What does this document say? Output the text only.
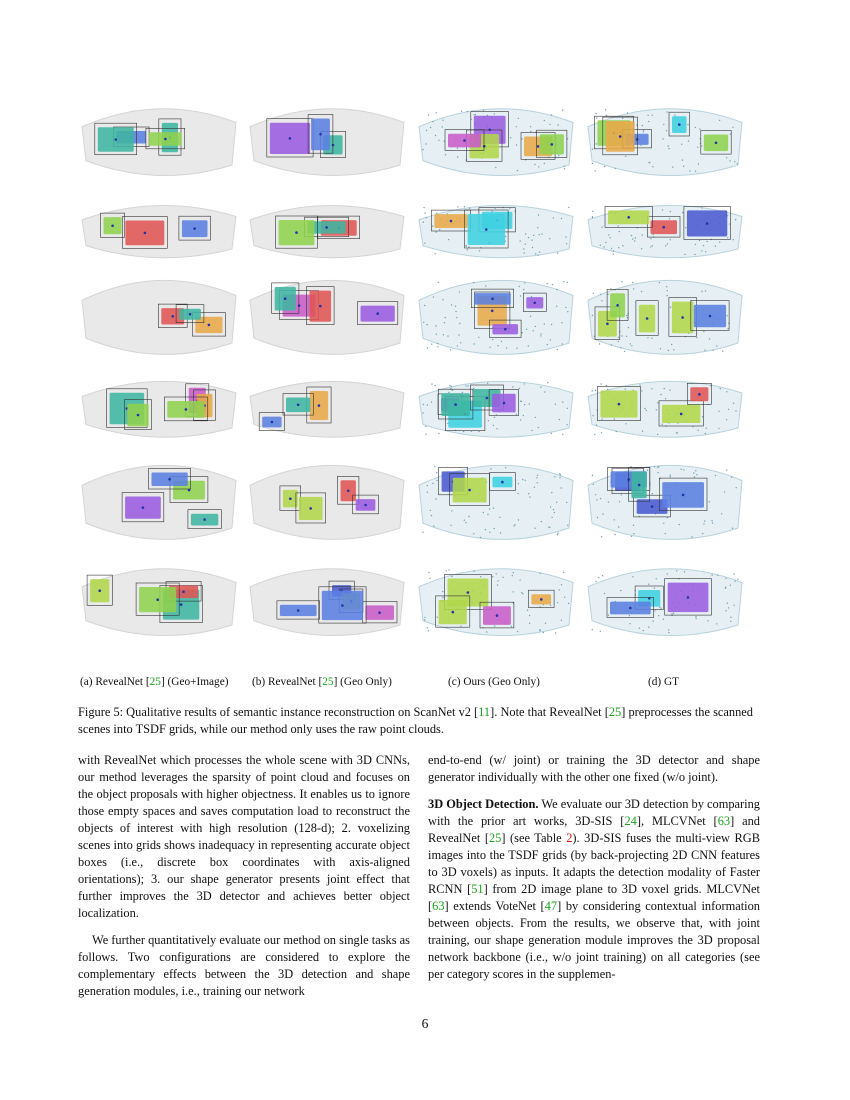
(a) RevealNet [25] (Geo+Image) (b) RevealNet [25] (Geo Only)	(c) Ours (Geo Only)	(d) GT
Figure 5: Qualitative results of semantic instance reconstruction on ScanNet v2 [11]. Note that RevealNet [25] preprocesses the scanned scenes into TSDF grids, while our method only uses the raw point clouds.

with RevealNet which processes the whole scene with 3D CNNs, our method leverages the sparsity of point cloud and focuses on the object proposals with higher objectness. It enables us to ignore those empty spaces and saves computation load to reconstruct the objects of interest with high resolution (128-d); 2. voxelizing scenes into grids shows inadequacy in representing accurate object boxes (i.e., discrete box coordinates with axis-aligned orientations); 3. our shape generator presents joint effect that further improves the 3D detector and achieves better object localization.

We further quantitatively evaluate our method on single tasks as follows. Two configurations are considered to explore the complementary effects between the 3D detection and shape generation modules, i.e., training our network

end-to-end (w/ joint) or training the 3D detector and shape generator individually with the other one fixed (w/o joint).

3D Object Detection. We evaluate our 3D detection by comparing with the prior art works, 3D-SIS [24], MLCVNet [63] and RevealNet [25] (see Table 2). 3D-SIS fuses the multi-view RGB images into the TSDF grids (by back-projecting 2D CNN features to 3D voxels) as inputs. It adapts the detection modality of Faster RCNN [51] from 2D image plane to 3D voxel grids. MLCVNet [63] extends VoteNet [47] by considering contextual information between objects. From the results, we observe that, with joint training, our shape generation module improves the 3D proposal network backbone (i.e., w/o joint training) on all categories (see per category scores in the supplemen-

6
